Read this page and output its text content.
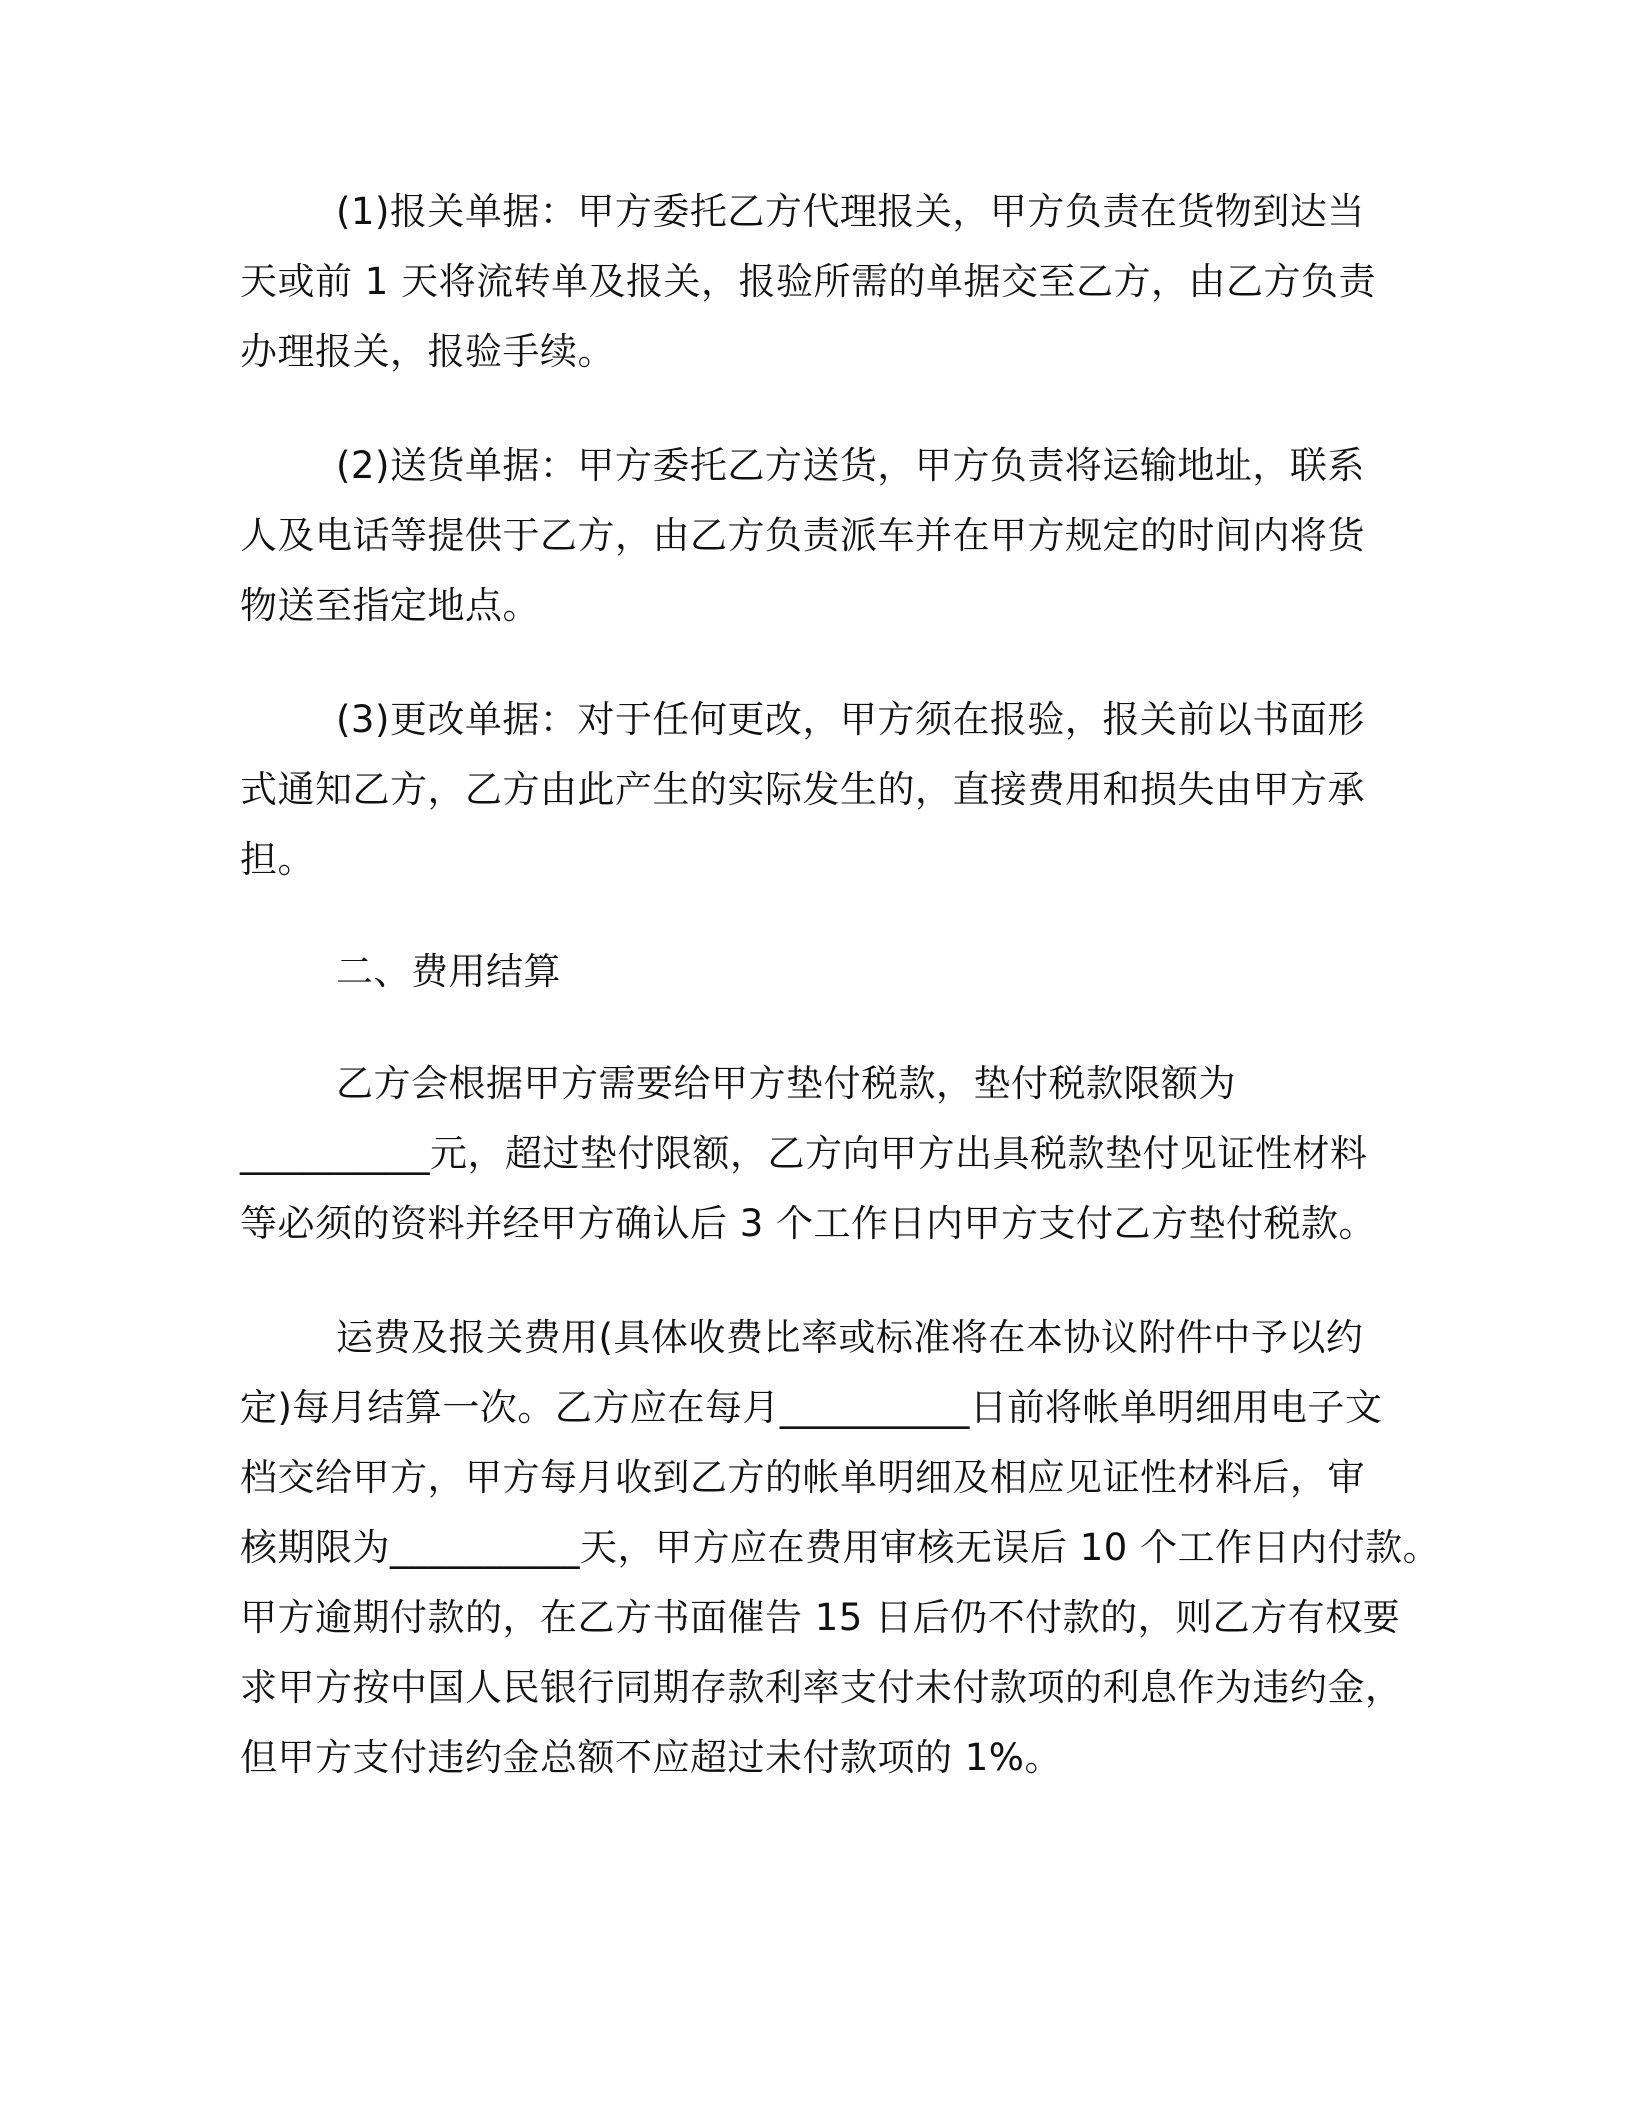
(1)报关单据：甲方委托乙方代理报关，甲方负责在货物到达当
天或前 1 天将流转单及报关，报验所需的单据交至乙方，由乙方负责
办理报关，报验手续。
(2)送货单据：甲方委托乙方送货，甲方负责将运输地址，联系
人及电话等提供于乙方，由乙方负责派车并在甲方规定的时间内将货
物送至指定地点。
(3)更改单据：对于任何更改，甲方须在报验，报关前以书面形
式通知乙方，乙方由此产生的实际发生的，直接费用和损失由甲方承
担。
二、费用结算
乙方会根据甲方需要给甲方垫付税款，垫付税款限额为
__________元，超过垫付限额，乙方向甲方出具税款垫付见证性材料
等必须的资料并经甲方确认后 3 个工作日内甲方支付乙方垫付税款。
运费及报关费用(具体收费比率或标准将在本协议附件中予以约
定)每月结算一次。乙方应在每月__________日前将帐单明细用电子文
档交给甲方，甲方每月收到乙方的帐单明细及相应见证性材料后，审
核期限为__________天，甲方应在费用审核无误后 10 个工作日内付款。
甲方逾期付款的，在乙方书面催告 15 日后仍不付款的，则乙方有权要
求甲方按中国人民银行同期存款利率支付未付款项的利息作为违约金，
但甲方支付违约金总额不应超过未付款项的 1%。
